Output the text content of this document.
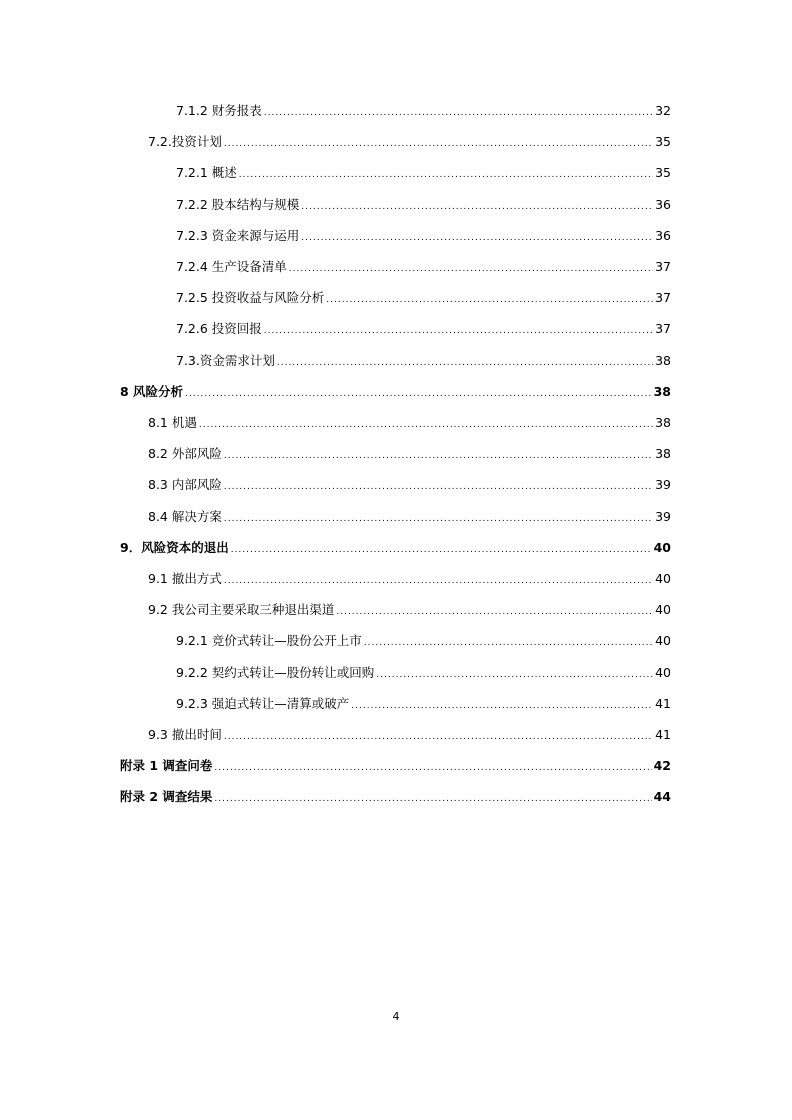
7.1.2 财务报表 .....	32
7.2.投资计划 .....	35
7.2.1 概述 .....	35
7.2.2 股本结构与规模 .....	36
7.2.3 资金来源与运用 .....	36
7.2.4 生产设备清单 .....	37
7.2.5 投资收益与风险分析 .....	37
7.2.6 投资回报 .....	37
7.3.资金需求计划 .....	38
8 风险分析 .....	38
8.1 机遇 .....	38
8.2 外部风险 .....	38
8.3 内部风险 .....	39
8.4 解决方案 .....	39
9．风险资本的退出 .....	40
9.1 撤出方式 .....	40
9.2 我公司主要采取三种退出渠道 .....	40
9.2.1 竞价式转让—股份公开上市 .....	40
9.2.2 契约式转让—股份转让或回购 .....	40
9.2.3 强迫式转让—清算或破产 .....	41
9.3 撤出时间 .....	41
附录 1 调查问卷 .....	42
附录 2 调查结果 .....	44
4
